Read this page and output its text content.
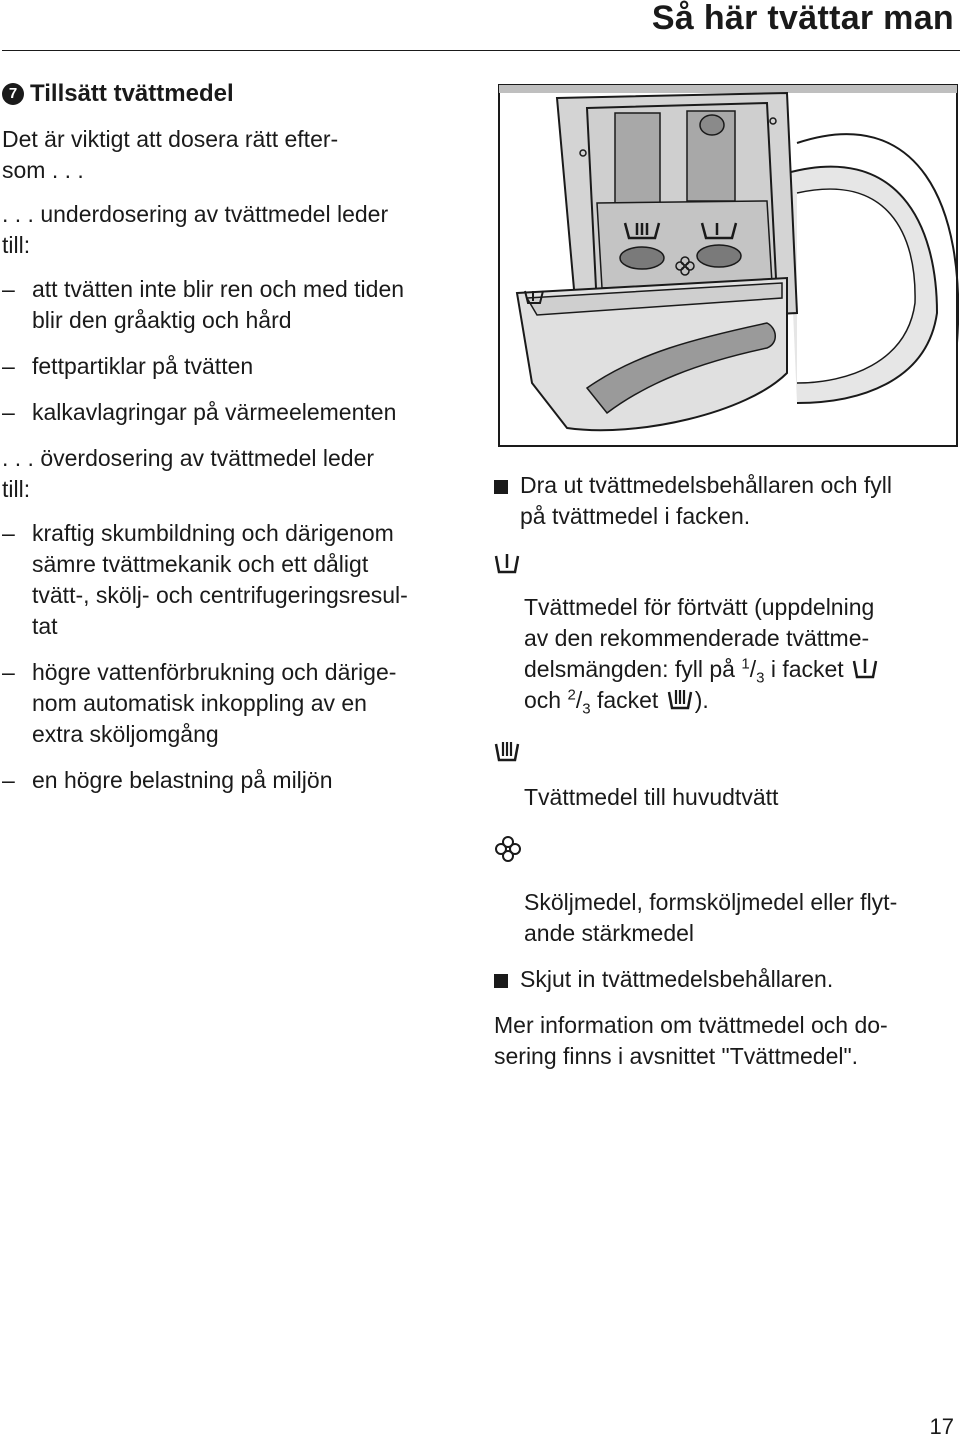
Så här tvättar man
7 Tillsätt tvättmedel

Det är viktigt att dosera rätt efter-
som . . .

. . . underdosering av tvättmedel leder
till:

– att tvätten inte blir ren och med tiden
blir den gråaktig och hård
– fettpartiklar på tvätten
– kalkavlagringar på värmeelementen

. . . överdosering av tvättmedel leder
till:

– kraftig skumbildning och därigenom
sämre tvättmekanik och ett dåligt
tvätt-, skölj- och centrifugeringsresul-
tat
– högre vattenförbrukning och därige-
nom automatisk inkoppling av en
extra sköljomgång
– en högre belastning på miljön
Dra ut tvättmedelsbehållaren och fyll
på tvättmedel i facken.
Tvättmedel för förtvätt (uppdelning
av den rekommenderade tvättme-
delsmängden: fyll på $^1/_3$ i facket
och $^2/_3$ facket ).
Tvättmedel till huvudtvätt
Sköljmedel, formsköljmedel eller flyt-
ande stärkmedel
Skjut in tvättmedelsbehållaren.

Mer information om tvättmedel och do-
sering finns i avsnittet "Tvättmedel".

17
